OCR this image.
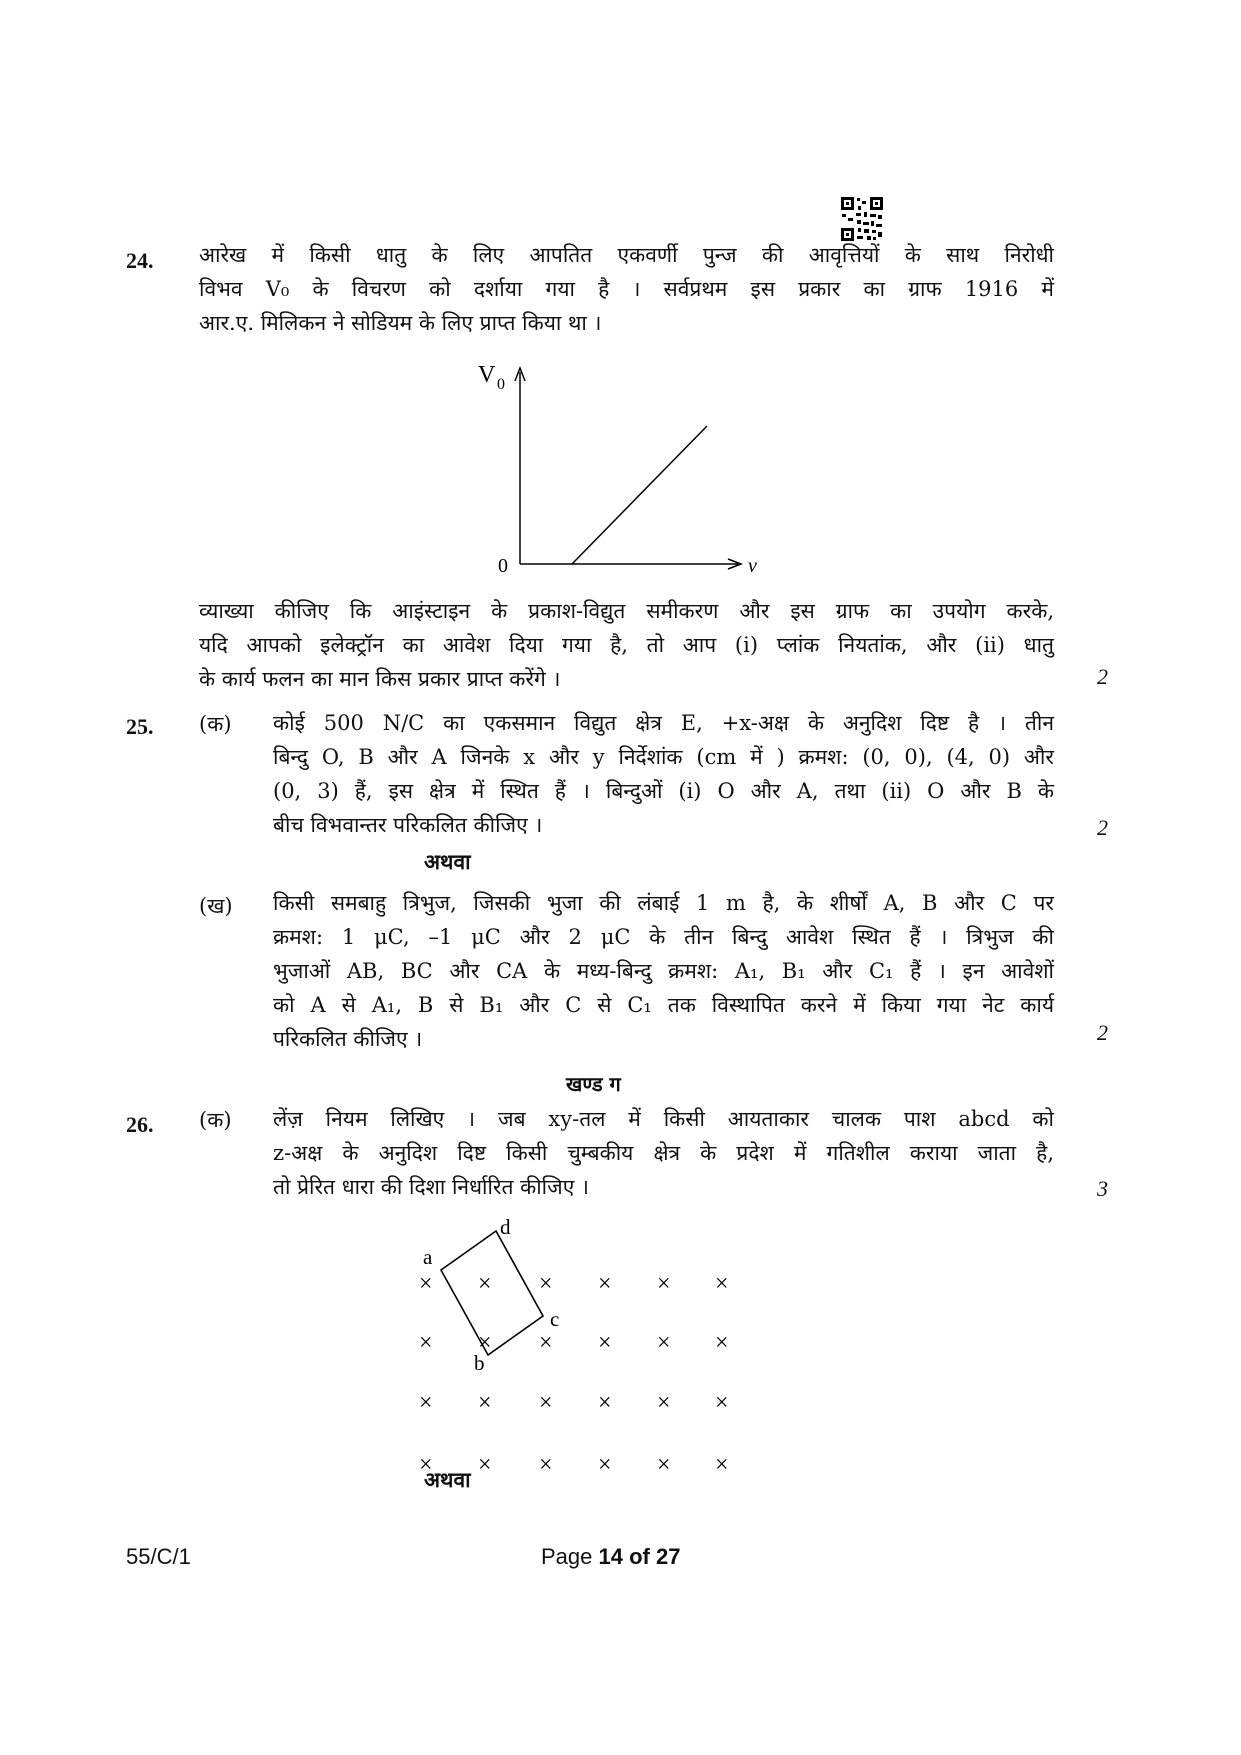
24. आरेख में किसी धातु के लिए आपतित एकवर्णी पुन्ज की आवृत्तियों के साथ निरोधी
विभव V₀ के विचरण को दर्शाया गया है । सर्वप्रथम इस प्रकार का ग्राफ 1916 में
आर.ए. मिलिकन ने सोडियम के लिए प्राप्त किया था ।
V 0
0	ν
व्याख्या कीजिए कि आइंस्टाइन के प्रकाश-विद्युत समीकरण और इस ग्राफ का उपयोग करके,
यदि आपको इलेक्ट्रॉन का आवेश दिया गया है, तो आप (i) प्लांक नियतांक, और (ii) धातु
के कार्य फलन का मान किस प्रकार प्राप्त करेंगे ।	2
25. (क) कोई 500 N/C का एकसमान विद्युत क्षेत्र E, +x-अक्ष के अनुदिश दिष्ट है । तीन
बिन्दु O, B और A जिनके x और y निर्देशांक (cm में ) क्रमश: (0, 0), (4, 0) और
(0, 3) हैं, इस क्षेत्र में स्थित हैं । बिन्दुओं (i) O और A, तथा (ii) O और B के
बीच विभवान्तर परिकलित कीजिए ।	2
अथवा
(ख) किसी समबाहु त्रिभुज, जिसकी भुजा की लंबाई 1 m है, के शीर्षों A, B और C पर
क्रमश: 1 μC, –1 μC और 2 μC के तीन बिन्दु आवेश स्थित हैं । त्रिभुज की
भुजाओं AB, BC और CA के मध्य-बिन्दु क्रमश: A₁, B₁ और C₁ हैं । इन आवेशों
को A से A₁, B से B₁ और C से C₁ तक विस्थापित करने में किया गया नेट कार्य
परिकलित कीजिए ।	2
खण्ड ग
26. (क) लेंज़ नियम लिखिए । जब xy-तल में किसी आयताकार चालक पाश abcd को
z-अक्ष के अनुदिश दिष्ट किसी चुम्बकीय क्षेत्र के प्रदेश में गतिशील कराया जाता है,
तो प्रेरित धारा की दिशा निर्धारित कीजिए ।	3
a
b
c
d
× × × × × ×
× × × × × ×
× × × × × ×
× × × × × ×
अथवा
55/C/1	Page 14 of 27
